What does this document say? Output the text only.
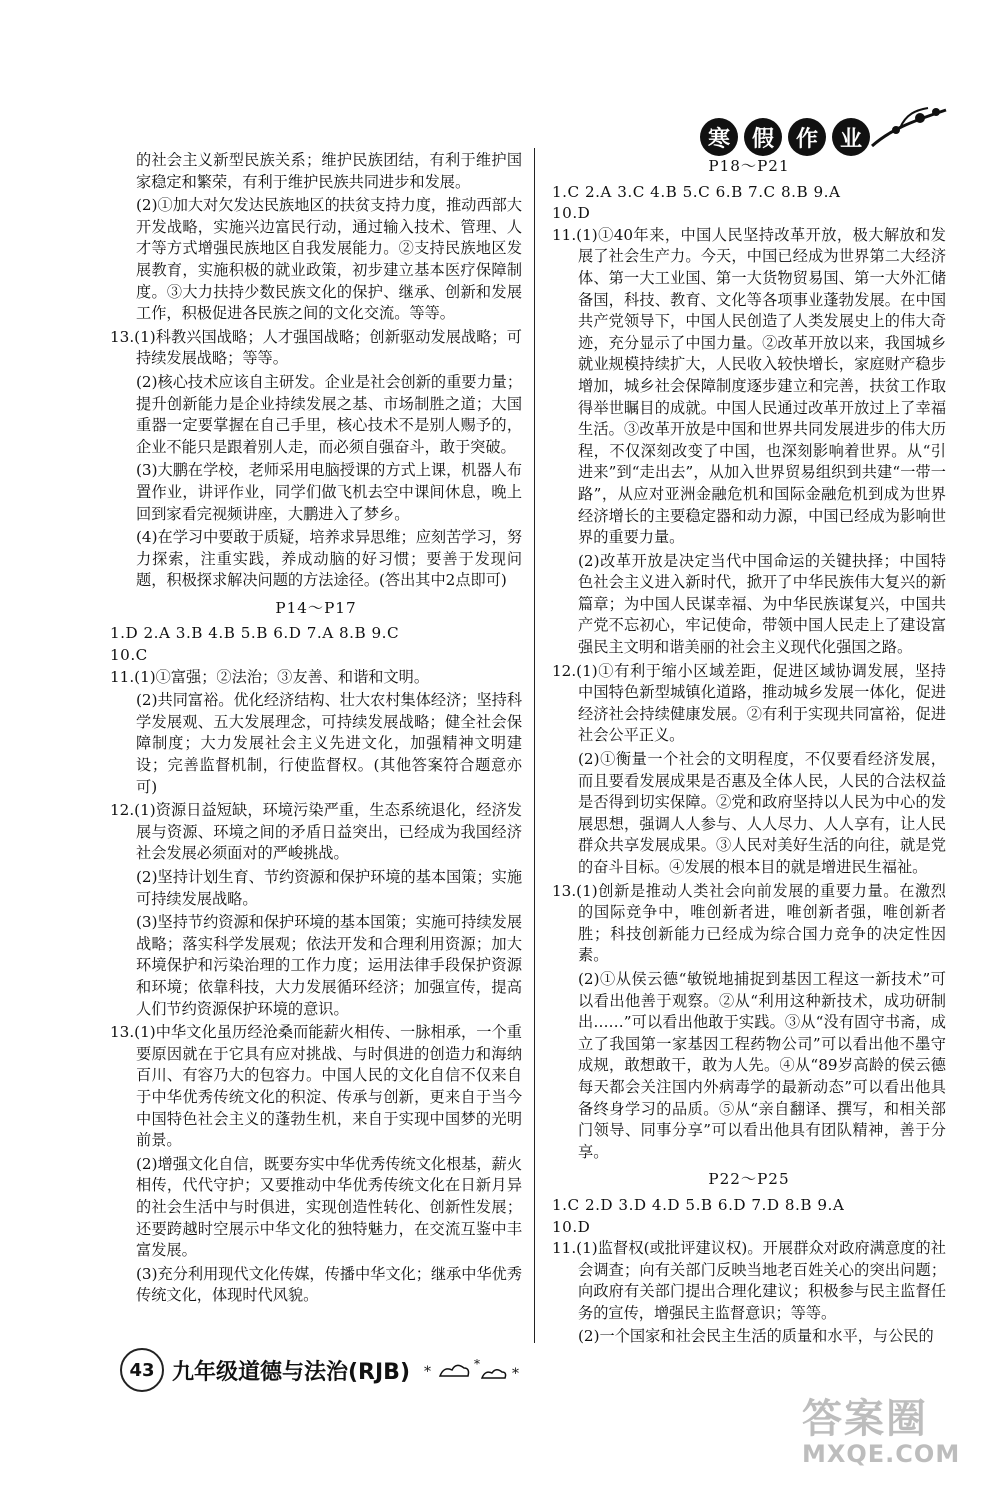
寒 假 作 业
的社会主义新型民族关系；维护民族团结，有利于维护国家稳定和繁荣，有利于维护民族共同进步和发展。
(2)①加大对欠发达民族地区的扶贫支持力度，推动西部大开发战略，实施兴边富民行动，通过输入技术、管理、人才等方式增强民族地区自我发展能力。②支持民族地区发展教育，实施积极的就业政策，初步建立基本医疗保障制度。③大力扶持少数民族文化的保护、继承、创新和发展工作，积极促进各民族之间的文化交流。等等。
13.(1)科教兴国战略；人才强国战略；创新驱动发展战略；可持续发展战略；等等。
(2)核心技术应该自主研发。企业是社会创新的重要力量；提升创新能力是企业持续发展之基、市场制胜之道；大国重器一定要掌握在自己手里，核心技术不是别人赐予的，企业不能只是跟着别人走，而必须自强奋斗，敢于突破。
(3)大鹏在学校，老师采用电脑授课的方式上课，机器人布置作业，讲评作业，同学们做飞机去空中课间休息，晚上回到家看完视频讲座，大鹏进入了梦乡。
(4)在学习中要敢于质疑，培养求异思维；应刻苦学习，努力探索，注重实践，养成动脑的好习惯；要善于发现问题，积极探求解决问题的方法途径。(答出其中2点即可)
P14～P17
1.D 2.A 3.B 4.B 5.B 6.D 7.A 8.B 9.C
10.C
11.(1)①富强；②法治；③友善、和谐和文明。
(2)共同富裕。优化经济结构、壮大农村集体经济；坚持科学发展观、五大发展理念，可持续发展战略；健全社会保障制度；大力发展社会主义先进文化，加强精神文明建设；完善监督机制，行使监督权。(其他答案符合题意亦可)
12.(1)资源日益短缺，环境污染严重，生态系统退化，经济发展与资源、环境之间的矛盾日益突出，已经成为我国经济社会发展必须面对的严峻挑战。
(2)坚持计划生育、节约资源和保护环境的基本国策；实施可持续发展战略。
(3)坚持节约资源和保护环境的基本国策；实施可持续发展战略；落实科学发展观；依法开发和合理利用资源；加大环境保护和污染治理的工作力度；运用法律手段保护资源和环境；依靠科技，大力发展循环经济；加强宣传，提高人们节约资源保护环境的意识。
13.(1)中华文化虽历经沧桑而能薪火相传、一脉相承，一个重要原因就在于它具有应对挑战、与时俱进的创造力和海纳百川、有容乃大的包容力。中国人民的文化自信不仅来自于中华优秀传统文化的积淀、传承与创新，更来自于当今中国特色社会主义的蓬勃生机，来自于实现中国梦的光明前景。
(2)增强文化自信，既要夯实中华优秀传统文化根基，薪火相传，代代守护；又要推动中华优秀传统文化在日新月异的社会生活中与时俱进，实现创造性转化、创新性发展；还要跨越时空展示中华文化的独特魅力，在交流互鉴中丰富发展。
(3)充分利用现代文化传媒，传播中华文化；继承中华优秀传统文化，体现时代风貌。
P18～P21
1.C 2.A 3.C 4.B 5.C 6.B 7.C 8.B 9.A
10.D
11.(1)①40年来，中国人民坚持改革开放，极大解放和发展了社会生产力。今天，中国已经成为世界第二大经济体、第一大工业国、第一大货物贸易国、第一大外汇储备国，科技、教育、文化等各项事业蓬勃发展。在中国共产党领导下，中国人民创造了人类发展史上的伟大奇迹，充分显示了中国力量。②改革开放以来，我国城乡就业规模持续扩大，人民收入较快增长，家庭财产稳步增加，城乡社会保障制度逐步建立和完善，扶贫工作取得举世瞩目的成就。中国人民通过改革开放过上了幸福生活。③改革开放是中国和世界共同发展进步的伟大历程，不仅深刻改变了中国，也深刻影响着世界。从“引进来”到“走出去”，从加入世界贸易组织到共建“一带一路”，从应对亚洲金融危机和国际金融危机到成为世界经济增长的主要稳定器和动力源，中国已经成为影响世界的重要力量。
(2)改革开放是决定当代中国命运的关键抉择；中国特色社会主义进入新时代，掀开了中华民族伟大复兴的新篇章；为中国人民谋幸福、为中华民族谋复兴，中国共产党不忘初心，牢记使命，带领中国人民走上了建设富强民主文明和谐美丽的社会主义现代化强国之路。
12.(1)①有利于缩小区域差距，促进区域协调发展，坚持中国特色新型城镇化道路，推动城乡发展一体化，促进经济社会持续健康发展。②有利于实现共同富裕，促进社会公平正义。
(2)①衡量一个社会的文明程度，不仅要看经济发展，而且要看发展成果是否惠及全体人民，人民的合法权益是否得到切实保障。②党和政府坚持以人民为中心的发展思想，强调人人参与、人人尽力、人人享有，让人民群众共享发展成果。③人民对美好生活的向往，就是党的奋斗目标。④发展的根本目的就是增进民生福祉。
13.(1)创新是推动人类社会向前发展的重要力量。在激烈的国际竞争中，唯创新者进，唯创新者强，唯创新者胜；科技创新能力已经成为综合国力竞争的决定性因素。
(2)①从侯云德“敏锐地捕捉到基因工程这一新技术”可以看出他善于观察。②从“利用这种新技术，成功研制出……”可以看出他敢于实践。③从“没有固守书斋，成立了我国第一家基因工程药物公司”可以看出他不墨守成规，敢想敢干，敢为人先。④从“89岁高龄的侯云德每天都会关注国内外病毒学的最新动态”可以看出他具备终身学习的品质。⑤从“亲自翻译、撰写，和相关部门领导、同事分享”可以看出他具有团队精神，善于分享。
P22～P25
1.C 2.D 3.D 4.D 5.B 6.D 7.D 8.B 9.A
10.D
11.(1)监督权(或批评建议权)。开展群众对政府满意度的社会调查；向有关部门反映当地老百姓关心的突出问题；向政府有关部门提出合理化建议；积极参与民主监督任务的宣传，增强民主监督意识；等等。
(2)一个国家和社会民主生活的质量和水平，与公民的
43 九年级道德与法治(RJB) *	*
*
答案圈
MXQE.COM
